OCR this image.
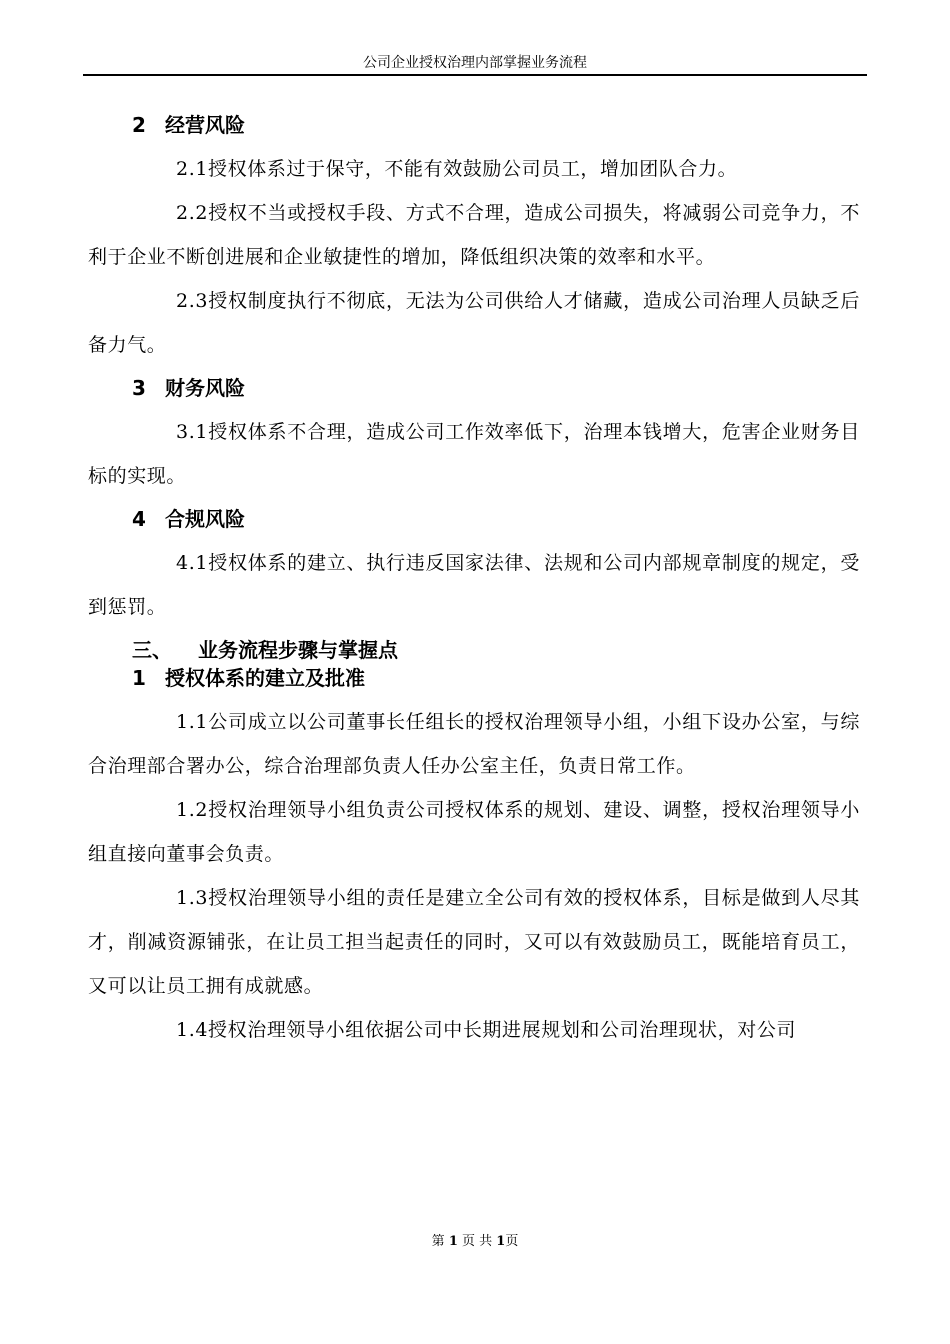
公司企业授权治理内部掌握业务流程
2 经营风险

2.1授权体系过于保守，不能有效鼓励公司员工，增加团队合力。

2.2授权不当或授权手段、方式不合理，造成公司损失，将减弱公司竞争力，不利于企业不断创进展和企业敏捷性的增加，降低组织决策的效率和水平。

2.3授权制度执行不彻底，无法为公司供给人才储藏，造成公司治理人员缺乏后备力气。

3 财务风险

3.1授权体系不合理，造成公司工作效率低下，治理本钱增大，危害企业财务目标的实现。

4 合规风险

4.1授权体系的建立、执行违反国家法律、法规和公司内部规章制度的规定，受到惩罚。

三、 业务流程步骤与掌握点
1 授权体系的建立及批准

1.1公司成立以公司董事长任组长的授权治理领导小组，小组下设办公室，与综合治理部合署办公，综合治理部负责人任办公室主任，负责日常工作。

1.2授权治理领导小组负责公司授权体系的规划、建设、调整，授权治理领导小组直接向董事会负责。

1.3授权治理领导小组的责任是建立全公司有效的授权体系，目标是做到人尽其才，削减资源铺张，在让员工担当起责任的同时，又可以有效鼓励员工，既能培育员工，又可以让员工拥有成就感。

1.4授权治理领导小组依据公司中长期进展规划和公司治理现状，对公司

第 1 页 共 1页
